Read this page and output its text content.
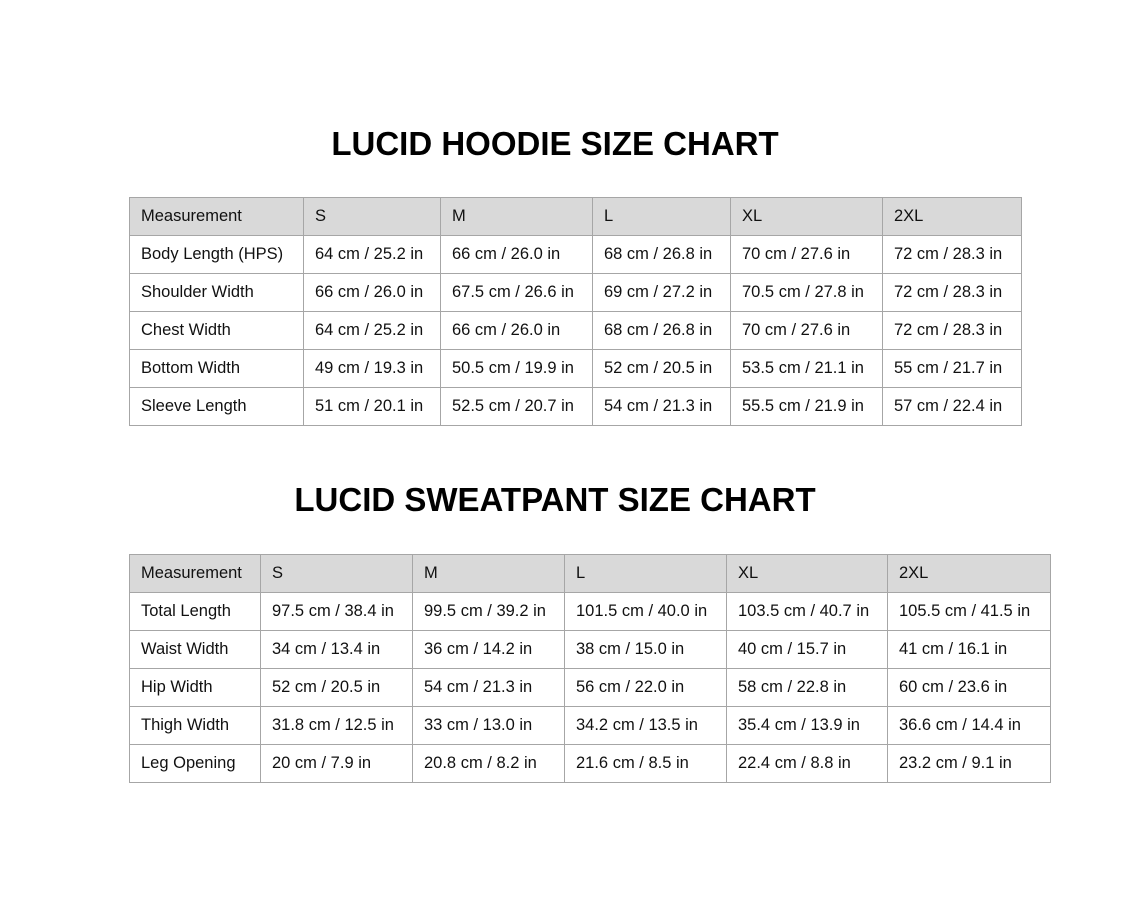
LUCID HOODIE SIZE CHART
Measurement	S	M	L	XL	2XL
Body Length (HPS)	64 cm / 25.2 in	66 cm / 26.0 in	68 cm / 26.8 in	70 cm / 27.6 in	72 cm / 28.3 in
Shoulder Width	66 cm / 26.0 in	67.5 cm / 26.6 in	69 cm / 27.2 in	70.5 cm / 27.8 in	72 cm / 28.3 in
Chest Width	64 cm / 25.2 in	66 cm / 26.0 in	68 cm / 26.8 in	70 cm / 27.6 in	72 cm / 28.3 in
Bottom Width	49 cm / 19.3 in	50.5 cm / 19.9 in	52 cm / 20.5 in	53.5 cm / 21.1 in	55 cm / 21.7 in
Sleeve Length	51 cm / 20.1 in	52.5 cm / 20.7 in	54 cm / 21.3 in	55.5 cm / 21.9 in	57 cm / 22.4 in
LUCID SWEATPANT SIZE CHART
Measurement	S	M	L	XL	2XL
Total Length	97.5 cm / 38.4 in	99.5 cm / 39.2 in	101.5 cm / 40.0 in	103.5 cm / 40.7 in	105.5 cm / 41.5 in
Waist Width	34 cm / 13.4 in	36 cm / 14.2 in	38 cm / 15.0 in	40 cm / 15.7 in	41 cm / 16.1 in
Hip Width	52 cm / 20.5 in	54 cm / 21.3 in	56 cm / 22.0 in	58 cm / 22.8 in	60 cm / 23.6 in
Thigh Width	31.8 cm / 12.5 in	33 cm / 13.0 in	34.2 cm / 13.5 in	35.4 cm / 13.9 in	36.6 cm / 14.4 in
Leg Opening	20 cm / 7.9 in	20.8 cm / 8.2 in	21.6 cm / 8.5 in	22.4 cm / 8.8 in	23.2 cm / 9.1 in
